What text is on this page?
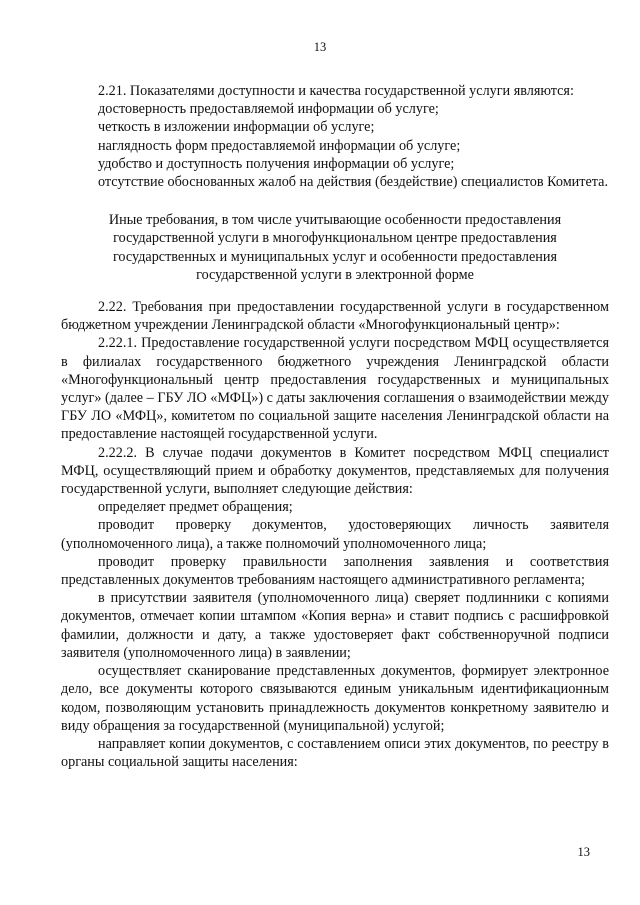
13

2.21. Показателями доступности и качества государственной услуги являются:

достоверность предоставляемой информации об услуге;

четкость в изложении информации об услуге;

наглядность форм предоставляемой информации об услуге;

удобство и доступность получения информации об услуге;

отсутствие обоснованных жалоб на действия (бездействие) специалистов Комитета.

Иные требования, в том числе учитывающие особенности предоставления государственной услуги в многофункциональном центре предоставления государственных и муниципальных услуг и особенности предоставления государственной услуги в электронной форме

2.22. Требования при предоставлении государственной услуги в государственном бюджетном учреждении Ленинградской области «Многофункциональный центр»:

2.22.1. Предоставление государственной услуги посредством МФЦ осуществляется в филиалах государственного бюджетного учреждения Ленинградской области «Многофункциональный центр предоставления государственных и муниципальных услуг» (далее – ГБУ ЛО «МФЦ») с даты заключения соглашения о взаимодействии между ГБУ ЛО «МФЦ», комитетом по социальной защите населения Ленинградской области на предоставление настоящей государственной услуги.

2.22.2. В случае подачи документов в Комитет посредством МФЦ специалист МФЦ, осуществляющий прием и обработку документов, представляемых для получения государственной услуги, выполняет следующие действия:

определяет предмет обращения;

проводит проверку документов, удостоверяющих личность заявителя (уполномоченного лица), а также полномочий уполномоченного лица;

проводит проверку правильности заполнения заявления и соответствия представленных документов требованиям настоящего административного регламента;

в присутствии заявителя (уполномоченного лица) сверяет подлинники с копиями документов, отмечает копии штампом «Копия верна» и ставит подпись с расшифровкой фамилии, должности и дату, а также удостоверяет факт собственноручной подписи заявителя (уполномоченного лица) в заявлении;

осуществляет сканирование представленных документов, формирует электронное дело, все документы которого связываются единым уникальным идентификационным кодом, позволяющим установить принадлежность документов конкретному заявителю и виду обращения за государственной (муниципальной) услугой;

направляет копии документов, с составлением описи этих документов, по реестру в органы социальной защиты населения:

13
